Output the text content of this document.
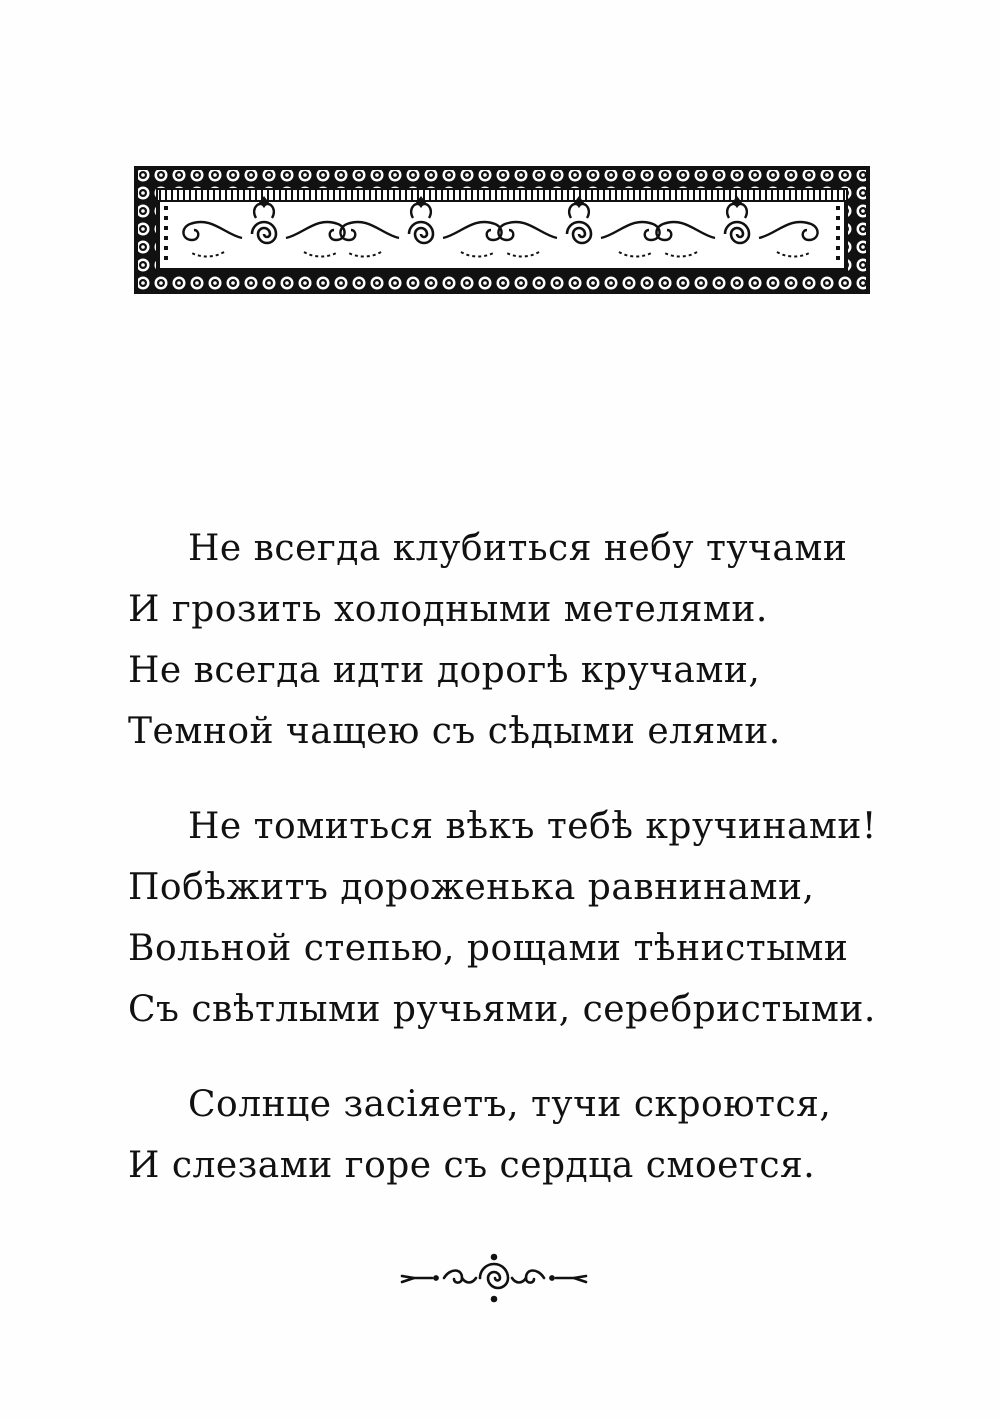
Не всегда клубиться небу тучами
И грозить холодными метелями.
Не всегда идти дорогѣ кручами,
Темной чащею съ сѣдыми елями.
Не томиться вѣкъ тебѣ кручинами!
Побѣжитъ дороженька равнинами,
Вольной степью, рощами тѣнистыми
Съ свѣтлыми ручьями, серебристыми.
Солнце засіяетъ, тучи скроются,
И слезами горе съ сердца смоется.
